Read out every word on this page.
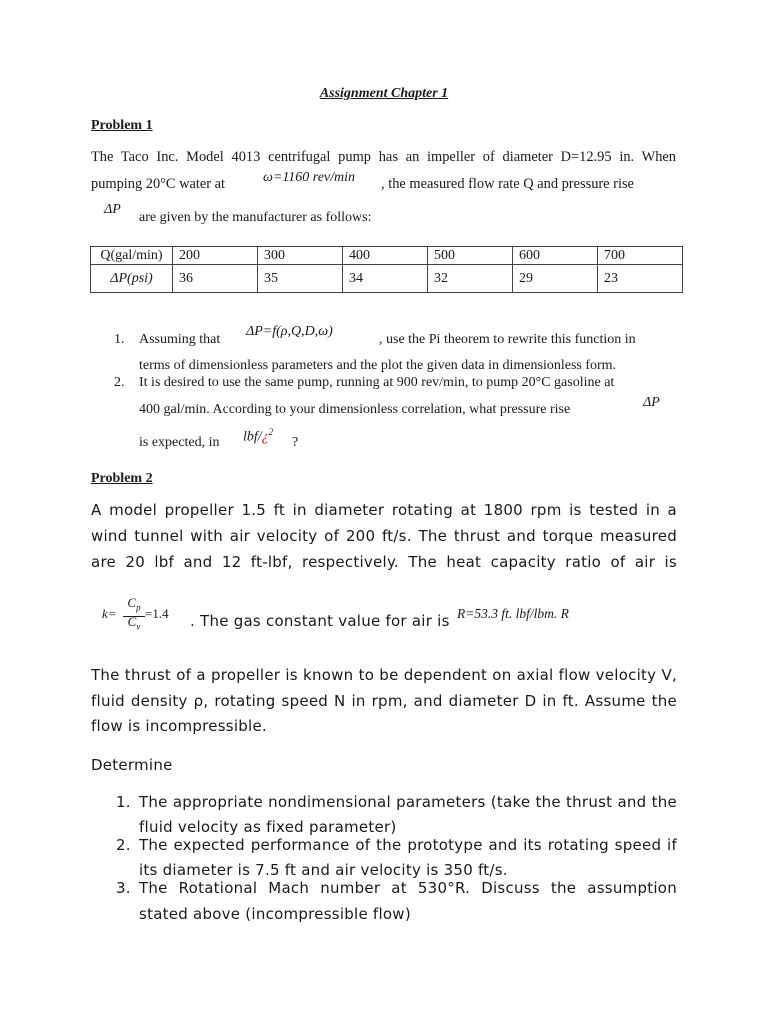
Assignment Chapter 1
Problem 1
The Taco Inc. Model 4013 centrifugal pump has an impeller of diameter D=12.95 in. When
pumping 20°C water at	ω=1160 rev/min , the measured flow rate Q and pressure rise
ΔP
are given by the manufacturer as follows:
Q(gal/min)	200	300	400	500	600	700
ΔP(psi)	36	35	34	32	29	23
1. Assuming that
ΔP=f(ρ,Q,D,ω)
, use the Pi theorem to rewrite this function in
terms of dimensionless parameters and the plot the given data in dimensionless form.
2. It is desired to use the same pump, running at 900 rev/min, to pump 20°C gasoline at
400 gal/min. According to your dimensionless correlation, what pressure rise	ΔP
is expected, in lbf/¿$^2$
?
Problem 2
A model propeller 1.5 ft in diameter rotating at 1800 rpm is tested in a
wind tunnel with air velocity of 200 ft/s. The thrust and torque measured
are 20 lbf and 12 ft-lbf, respectively. The heat capacity ratio of air is
k=
$C_p$
$C_v$
=1.4 . The gas constant value for air is R=53.3 ft. lbf/lbm. R
The thrust of a propeller is known to be dependent on axial flow velocity V,
fluid density ρ, rotating speed N in rpm, and diameter D in ft. Assume the
flow is incompressible.
Determine
1. The appropriate nondimensional parameters (take the thrust and the
fluid velocity as fixed parameter)
2. The expected performance of the prototype and its rotating speed if
its diameter is 7.5 ft and air velocity is 350 ft/s.
3. The Rotational Mach number at 530°R. Discuss the assumption
stated above (incompressible flow)
